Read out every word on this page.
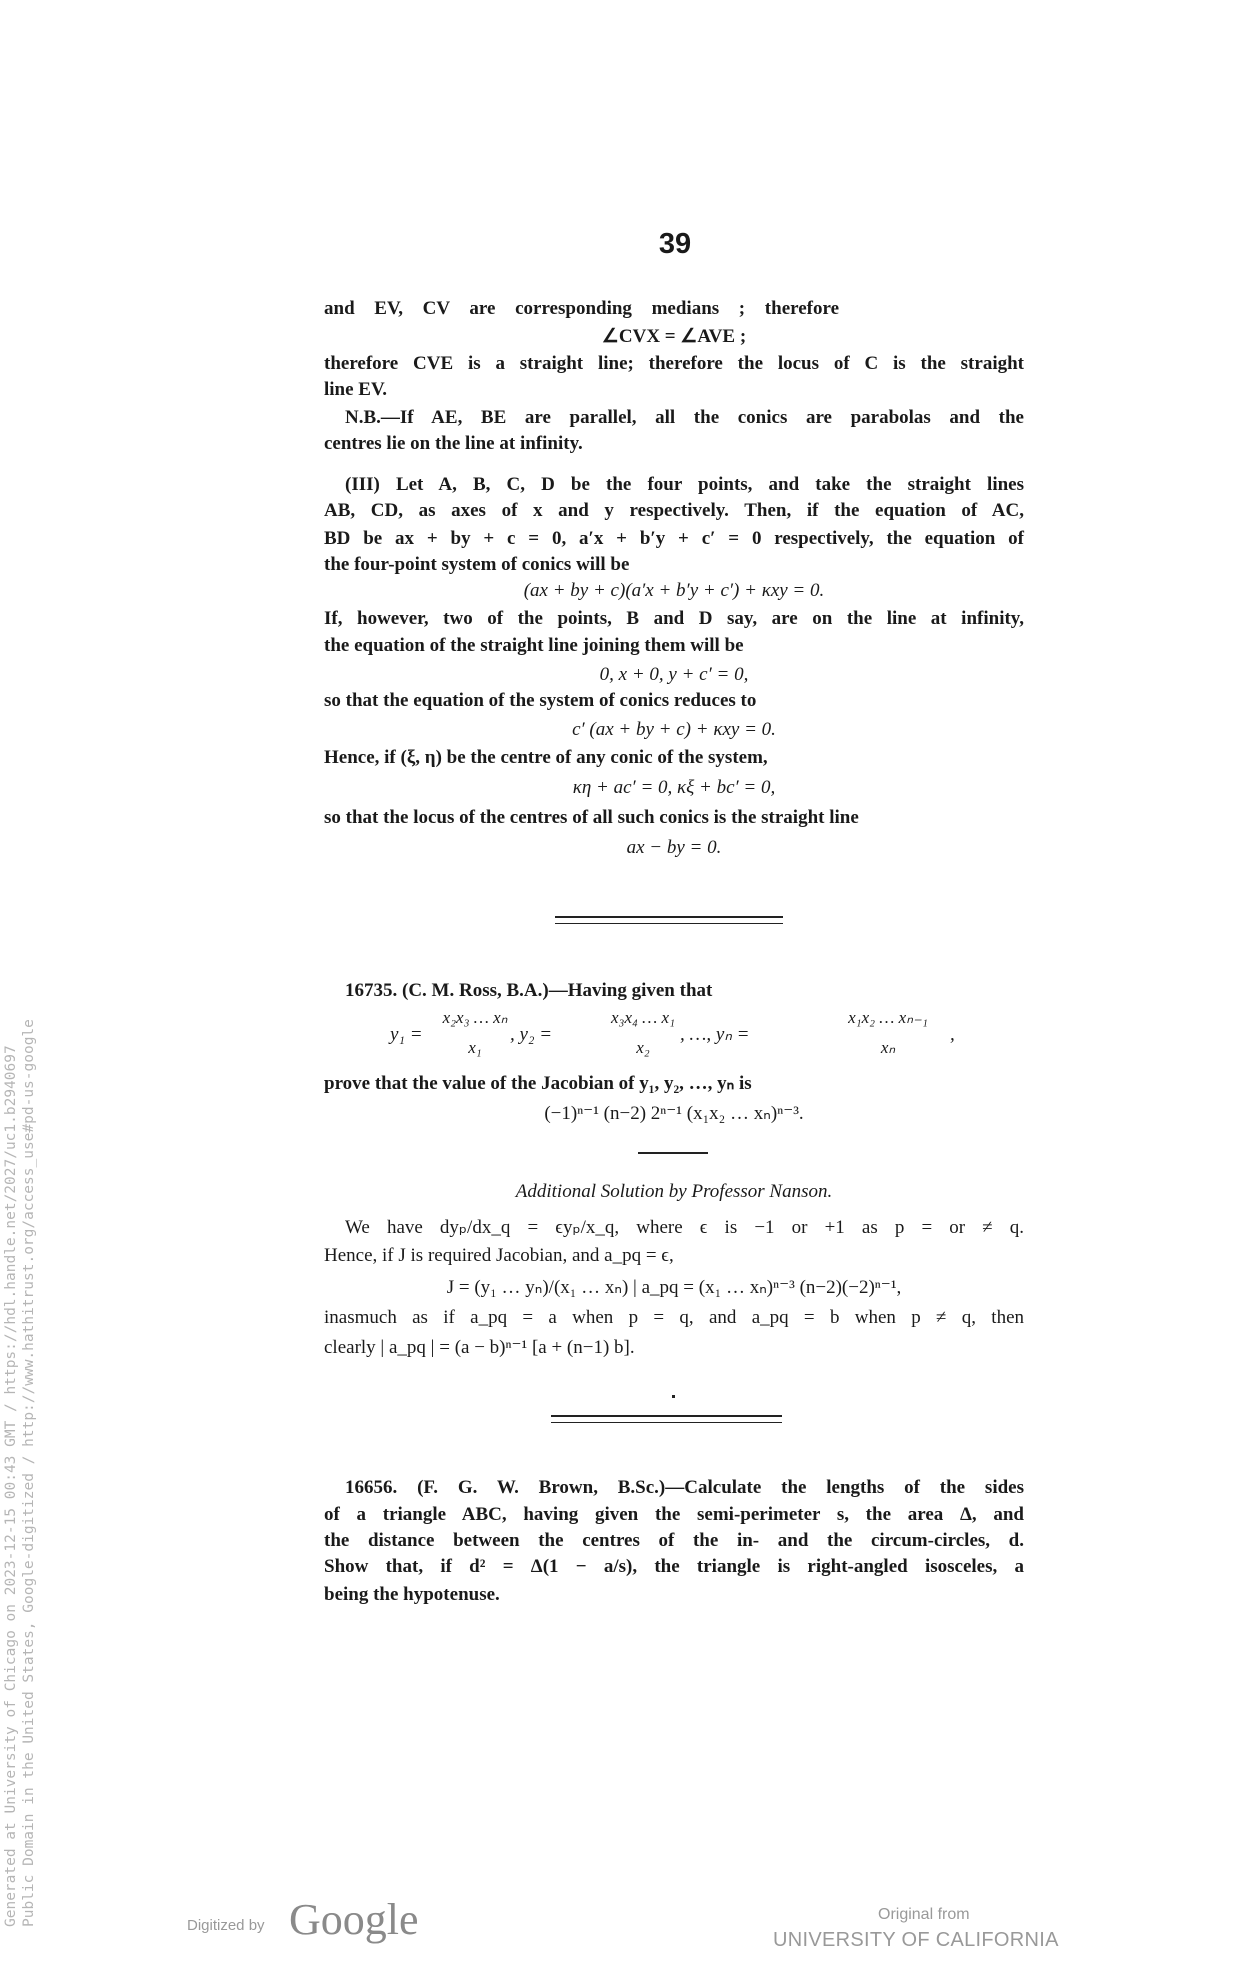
39
and EV, CV are corresponding medians ; therefore
∠CVX = ∠AVE ;
therefore CVE is a straight line; therefore the locus of C is the straight
line EV.
N.B.—If AE, BE are parallel, all the conics are parabolas and the
centres lie on the line at infinity.
(III) Let A, B, C, D be the four points, and take the straight lines
AB, CD, as axes of x and y respectively. Then, if the equation of AC,
BD be ax + by + c = 0, a′x + b′y + c′ = 0 respectively, the equation of
the four-point system of conics will be
(ax + by + c)(a′x + b′y + c′) + κxy = 0.
If, however, two of the points, B and D say, are on the line at infinity,
the equation of the straight line joining them will be
0, x + 0, y + c′ = 0,
so that the equation of the system of conics reduces to
c′ (ax + by + c) + κxy = 0.
Hence, if (ξ, η) be the centre of any conic of the system,
κη + ac′ = 0, κξ + bc′ = 0,
so that the locus of the centres of all such conics is the straight line
ax − by = 0.
16735. (C. M. Ross, B.A.)—Having given that
y₁ =
x₂x₃ … xₙ
x₁
, y₂ =
x₃x₄ … x₁
x₂
, …, yₙ =
x₁x₂ … xₙ₋₁
xₙ
,
prove that the value of the Jacobian of y₁, y₂, …, yₙ is
(−1)ⁿ⁻¹ (n−2) 2ⁿ⁻¹ (x₁x₂ … xₙ)ⁿ⁻³.
Additional Solution by Professor Nanson.
We have dyₚ/dx_q = ϵyₚ/x_q, where ϵ is −1 or +1 as p = or ≠ q.
Hence, if J is required Jacobian, and a_pq = ϵ,
J = (y₁ … yₙ)/(x₁ … xₙ) | a_pq = (x₁ … xₙ)ⁿ⁻³ (n−2)(−2)ⁿ⁻¹,
inasmuch as if a_pq = a when p = q, and a_pq = b when p ≠ q, then
clearly | a_pq | = (a − b)ⁿ⁻¹ [a + (n−1) b].
16656. (F. G. W. Brown, B.Sc.)—Calculate the lengths of the sides
of a triangle ABC, having given the semi-perimeter s, the area Δ, and
the distance between the centres of the in- and the circum-circles, d.
Show that, if d² = Δ(1 − a/s), the triangle is right-angled isosceles, a
being the hypotenuse.
Generated at University of Chicago on 2023-12-15 00:43 GMT / https://hdl.handle.net/2027/uc1.b2940697 Public Domain in the United States, Google-digitized / http://www.hathitrust.org/access_use#pd-us-google	Digitized by Google	Original from
UNIVERSITY OF CALIFORNIA
